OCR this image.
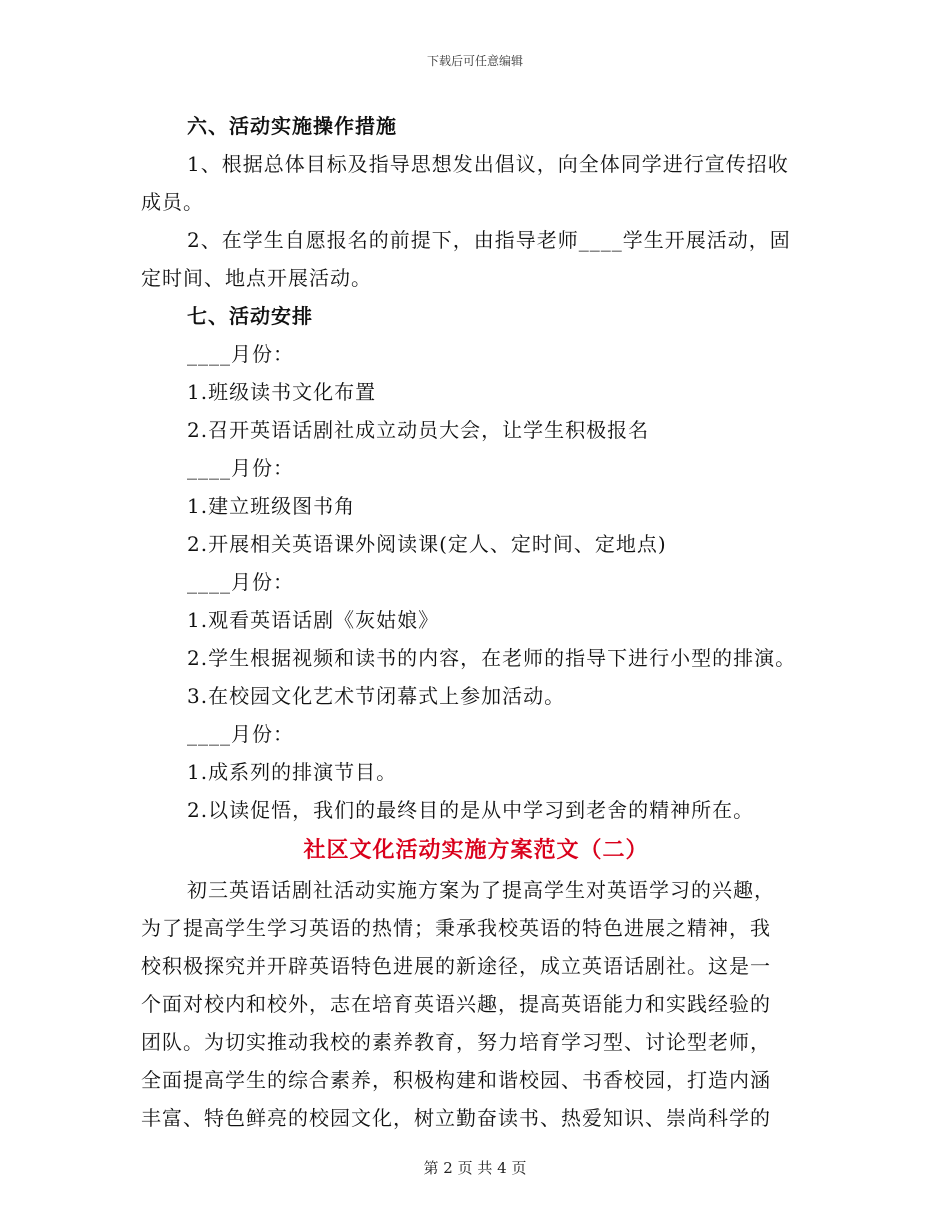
下载后可任意编辑
六、活动实施操作措施
1、根据总体目标及指导思想发出倡议，向全体同学进行宣传招收
成员。
2、在学生自愿报名的前提下，由指导老师____学生开展活动，固
定时间、地点开展活动。
七、活动安排
____月份：
1.班级读书文化布置
2.召开英语话剧社成立动员大会，让学生积极报名
____月份：
1.建立班级图书角
2.开展相关英语课外阅读课(定人、定时间、定地点)
____月份：
1.观看英语话剧《灰姑娘》
2.学生根据视频和读书的内容，在老师的指导下进行小型的排演。
3.在校园文化艺术节闭幕式上参加活动。
____月份：
1.成系列的排演节目。
2.以读促悟，我们的最终目的是从中学习到老舍的精神所在。
社区文化活动实施方案范文（二）
初三英语话剧社活动实施方案为了提高学生对英语学习的兴趣，
为了提高学生学习英语的热情；秉承我校英语的特色进展之精神，我
校积极探究并开辟英语特色进展的新途径，成立英语话剧社。这是一
个面对校内和校外，志在培育英语兴趣，提高英语能力和实践经验的
团队。为切实推动我校的素养教育，努力培育学习型、讨论型老师，
全面提高学生的综合素养，积极构建和谐校园、书香校园，打造内涵
丰富、特色鲜亮的校园文化，树立勤奋读书、热爱知识、崇尚科学的
第 2 页 共 4 页
